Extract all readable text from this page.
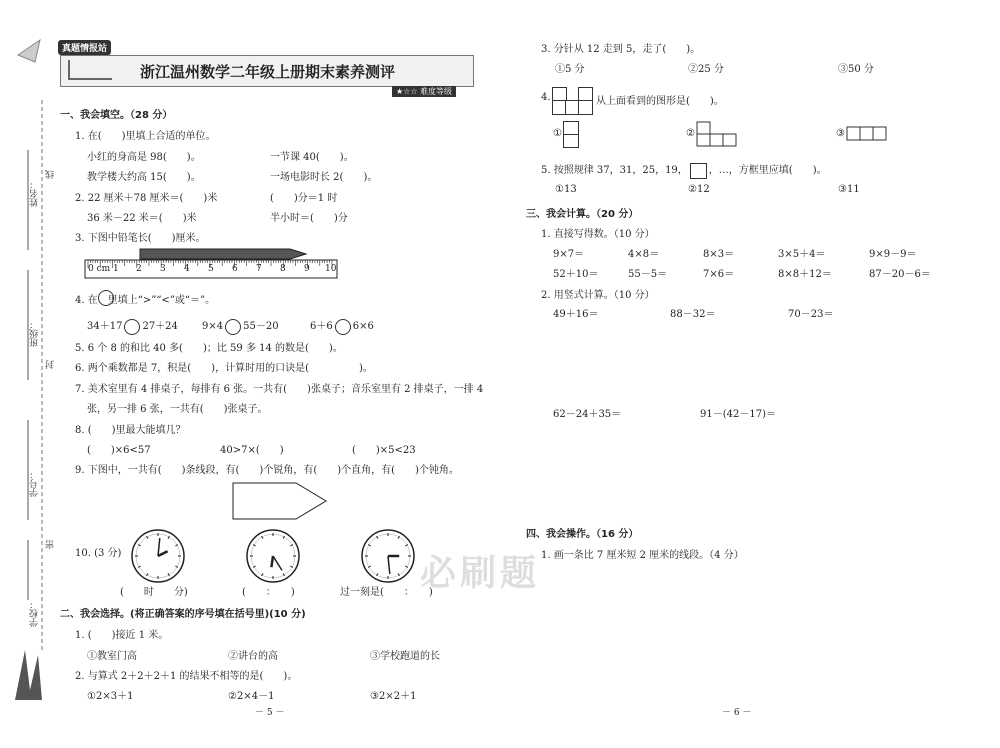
姓名：
班级：
学号：
学校：
线
封
密
真题情报站
浙江温州数学二年级上册期末素养测评
★☆☆ 难度等级
一、我会填空。（28 分）
1. 在(　　)里填上合适的单位。
小红的身高是 98(　　)。	一节课 40(　　)。
教学楼大约高 15(　　)。	一场电影时长 2(　　)。
2. 22 厘米＋78 厘米＝(　　)米	(　　)分＝1 时
36 米－22 米＝(　　)米	半小时＝(　　)分
3. 下图中铅笔长(　　)厘米。
0 cm	2
1	3 4 5 6 7 8 9 10
4. 在　里填上“>”“<”或“＝”。
34＋17 27＋24 9×4 55－20	6＋6 6×6
5. 6 个 8 的和比 40 多(　　)；比 59 多 14 的数是(　　)。
6. 两个乘数都是 7，积是(　　)，计算时用的口诀是(　　　　　)。
7. 美术室里有 4 排桌子，每排有 6 张。一共有(　　)张桌子；音乐室里有 2 排桌子，一排 4
张，另一排 6 张，一共有(　　)张桌子。
8. (　　)里最大能填几？
(　　)×6<57	40>7×(　　)	(　　)×5<23
9. 下图中，一共有(　　)条线段，有(　　)个锐角，有(　　)个直角，有(　　)个钝角。
10. (3 分)
(　　时　　分)	(　　：　　)	过一刻是(　　：　　)
二、我会选择。(将正确答案的序号填在括号里)(10 分)
1. (　　)接近 1 米。
①教室门高	②讲台的高	③学校跑道的长
2. 与算式 2＋2＋2＋1 的结果不相等的是(　　)。
①2×3＋1	②2×4－1	③2×2＋1
－ 5 －
3. 分针从 12 走到 5，走了(　　)。
①5 分	②25 分	③50 分
4.	从上面看到的图形是(　　)。
①	②	③
5. 按照规律 37，31，25，19， ，…，方框里应填(　　)。
①13	②12	③11
三、我会计算。（20 分）
1. 直接写得数。（10 分）
9×7＝	4×8＝	8×3＝	3×5＋4＝	9×9－9＝
52＋10＝	55－5＝	7×6＝	8×8＋12＝	87－20－6＝
2. 用竖式计算。（10 分）
49＋16＝	88－32＝	70－23＝
62－24＋35＝	91－(42－17)＝
四、我会操作。（16 分）
1. 画一条比 7 厘米短 2 厘米的线段。（4 分）
必刷题
－ 6 －
